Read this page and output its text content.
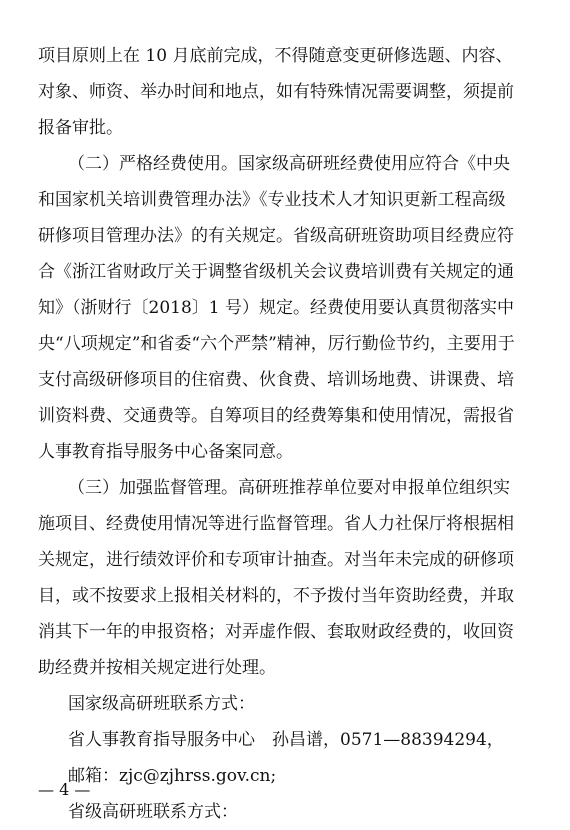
项目原则上在 10 月底前完成，不得随意变更研修选题、内容、
对象、师资、举办时间和地点，如有特殊情况需要调整，须提前
报备审批。
（二）严格经费使用。国家级高研班经费使用应符合《中央
和国家机关培训费管理办法》《专业技术人才知识更新工程高级
研修项目管理办法》的有关规定。省级高研班资助项目经费应符
合《浙江省财政厅关于调整省级机关会议费培训费有关规定的通
知》（浙财行〔2018〕1 号）规定。经费使用要认真贯彻落实中
央“八项规定”和省委“六个严禁”精神，厉行勤俭节约，主要用于
支付高级研修项目的住宿费、伙食费、培训场地费、讲课费、培
训资料费、交通费等。自筹项目的经费筹集和使用情况，需报省
人事教育指导服务中心备案同意。
（三）加强监督管理。高研班推荐单位要对申报单位组织实
施项目、经费使用情况等进行监督管理。省人力社保厅将根据相
关规定，进行绩效评价和专项审计抽查。对当年未完成的研修项
目，或不按要求上报相关材料的，不予拨付当年资助经费，并取
消其下一年的申报资格；对弄虚作假、套取财政经费的，收回资
助经费并按相关规定进行处理。
国家级高研班联系方式：
省人事教育指导服务中心　孙昌谱，0571—88394294，
邮箱：zjc@zjhrss.gov.cn;
省级高研班联系方式：
— 4 —
